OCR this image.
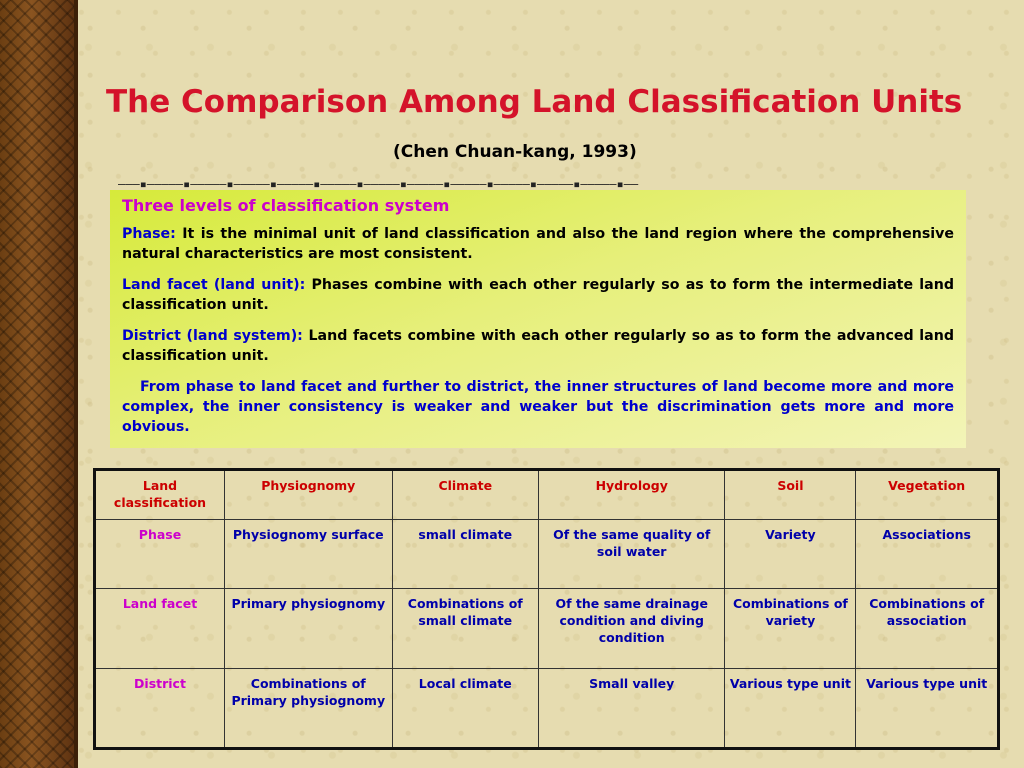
The Comparison Among Land Classification Units
(Chen Chuan-kang, 1993)
———▪—————▪—————▪—————▪—————▪—————▪—————▪—————▪—————▪—————▪—————▪—————▪——
Three levels of classification system

Phase: It is the minimal unit of land classification and also the land region where the comprehensive natural characteristics are most consistent.

Land facet (land unit): Phases combine with each other regularly so as to form the intermediate land classification unit.

District (land system): Land facets combine with each other regularly so as to form the advanced land classification unit.

From phase to land facet and further to district, the inner structures of land become more and more complex, the inner consistency is weaker and weaker but the discrimination gets more and more obvious.

Land classification	Physiognomy	Climate	Hydrology	Soil	Vegetation
Phase	Physiognomy surface	small climate	Of the same quality of soil water	Variety	Associations
Land facet	Primary physiognomy	Combinations of small climate	Of the same drainage condition and diving condition	Combinations of variety	Combinations of association
District	Combinations of Primary physiognomy	Local climate	Small valley	Various type unit	Various type unit
